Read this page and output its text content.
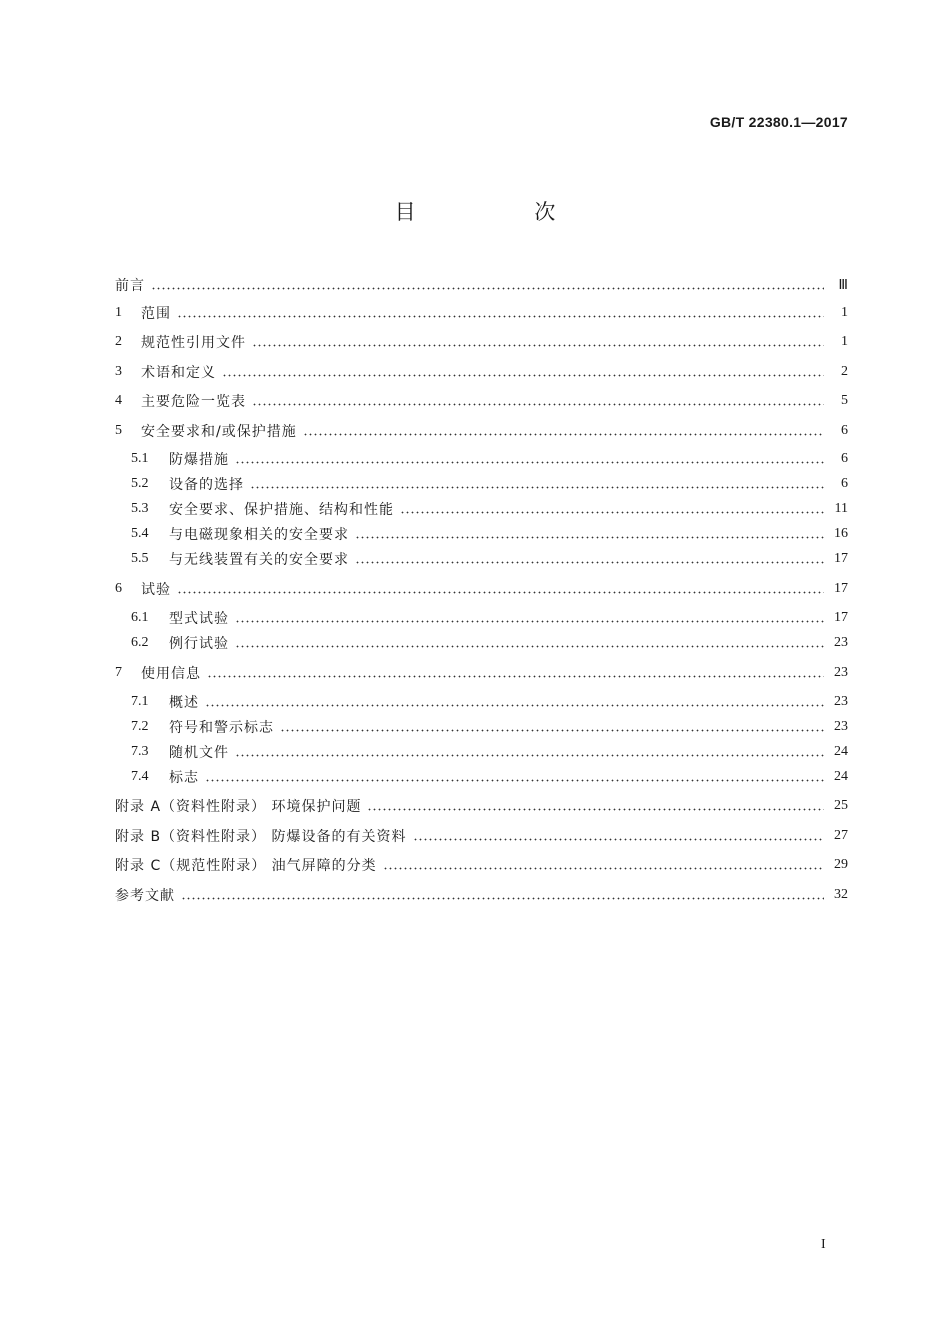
GB/T 22380.1—2017
目 次
前言	Ⅲ
1	范围	1
2	规范性引用文件	1
3	术语和定义	2
4	主要危险一览表	5
5	安全要求和/或保护措施	6
5.1	防爆措施	6
5.2	设备的选择	6
5.3	安全要求、保护措施、结构和性能	11
5.4	与电磁现象相关的安全要求	16
5.5	与无线装置有关的安全要求	17
6	试验	17
6.1	型式试验	17
6.2	例行试验	23
7	使用信息	23
7.1	概述	23
7.2	符号和警示标志	23
7.3	随机文件	24
7.4	标志	24
附录 A（资料性附录） 环境保护问题	25
附录 B（资料性附录） 防爆设备的有关资料	27
附录 C（规范性附录） 油气屏障的分类	29
参考文献	32
I
